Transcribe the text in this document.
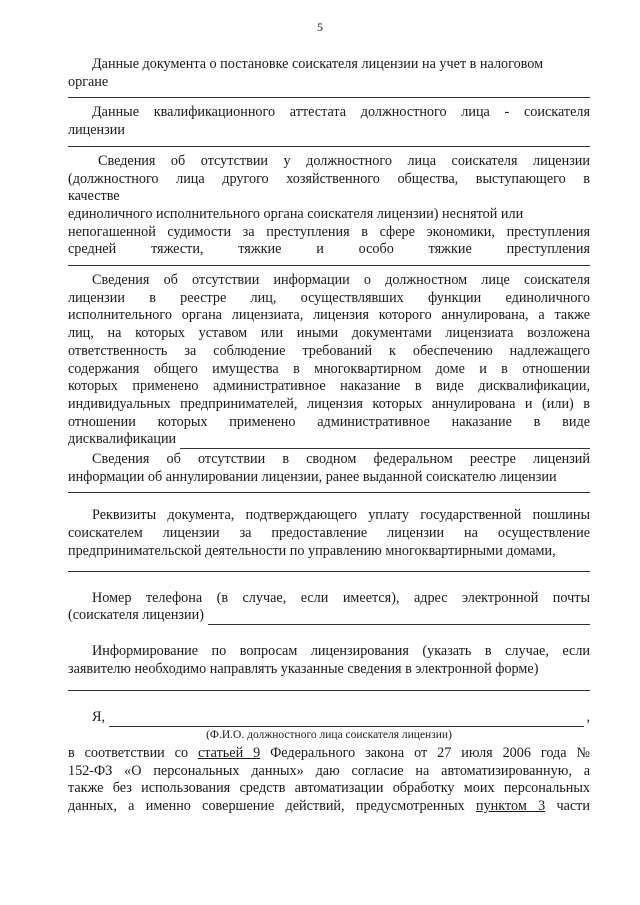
5
Данные документа о постановке соискателя лицензии на учет в налоговом
органе
Данные квалификационного аттестата должностного лица - соискателя
лицензии
Сведения об отсутствии у должностного лица соискателя лицензии
(должностного лица другого хозяйственного общества, выступающего в
качестве
единоличного исполнительного органа соискателя лицензии) неснятой или
непогашенной судимости за преступления в сфере экономики, преступления
средней тяжести, тяжкие и особо тяжкие преступления
Сведения об отсутствии информации о должностном лице соискателя
лицензии в реестре лиц, осуществлявших функции единоличного
исполнительного органа лицензиата, лицензия которого аннулирована, а также
лиц, на которых уставом или иными документами лицензиата возложена
ответственность за соблюдение требований к обеспечению надлежащего
содержания общего имущества в многоквартирном доме и в отношении
которых применено административное наказание в виде дисквалификации,
индивидуальных предпринимателей, лицензия которых аннулирована и (или) в
отношении которых применено административное наказание в виде
дисквалификации
Сведения об отсутствии в сводном федеральном реестре лицензий
информации об аннулировании лицензии, ранее выданной соискателю лицензии
Реквизиты документа, подтверждающего уплату государственной пошлины
соискателем лицензии за предоставление лицензии на осуществление
предпринимательской деятельности по управлению многоквартирными домами,
Номер телефона (в случае, если имеется), адрес электронной почты
(соискателя лицензии)
Информирование по вопросам лицензирования (указать в случае, если
заявителю необходимо направлять указанные сведения в электронной форме)
Я,	,
(Ф.И.О. должностного лица соискателя лицензии)
в соответствии со статьей 9 Федерального закона от 27 июля 2006 года №
152-ФЗ «О персональных данных» даю согласие на автоматизированную, а
также без использования средств автоматизации обработку моих персональных
данных, а именно совершение действий, предусмотренных пунктом 3 части
